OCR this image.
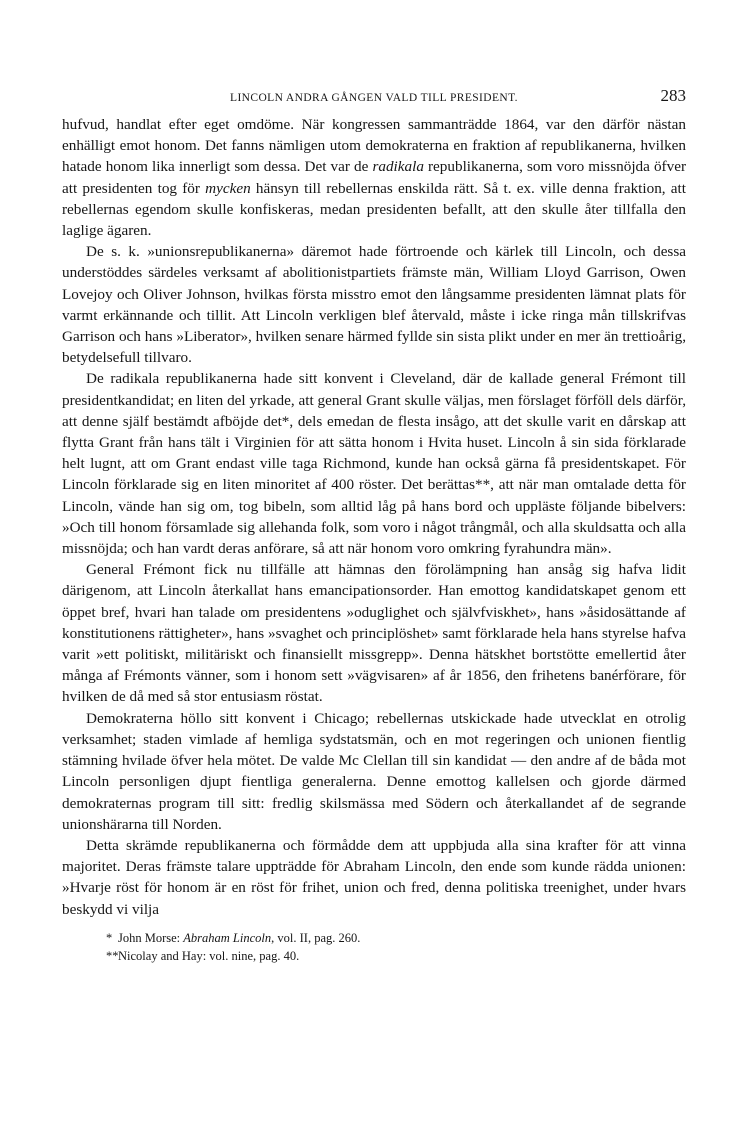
LINCOLN ANDRA GÅNGEN VALD TILL PRESIDENT.	283

hufvud, handlat efter eget omdöme. När kongressen sammanträdde 1864, var den därför nästan enhälligt emot honom. Det fanns nämligen utom demokraterna en fraktion af republikanerna, hvilken hatade honom lika innerligt som dessa. Det var de radikala republikanerna, som voro missnöjda öfver att presidenten tog för mycken hänsyn till rebellernas enskilda rätt. Så t. ex. ville denna fraktion, att rebellernas egendom skulle konfiskeras, medan presidenten befallt, att den skulle åter tillfalla den laglige ägaren.

De s. k. »unionsrepublikanerna» däremot hade förtroende och kärlek till Lincoln, och dessa understöddes särdeles verksamt af abolitionistpartiets främste män, William Lloyd Garrison, Owen Lovejoy och Oliver Johnson, hvilkas första misstro emot den långsamme presidenten lämnat plats för varmt erkännande och tillit. Att Lincoln verkligen blef återvald, måste i icke ringa mån tillskrifvas Garrison och hans »Liberator», hvilken senare härmed fyllde sin sista plikt under en mer än trettioårig, betydelsefull tillvaro.

De radikala republikanerna hade sitt konvent i Cleveland, där de kallade general Frémont till presidentkandidat; en liten del yrkade, att general Grant skulle väljas, men förslaget förföll dels därför, att denne själf bestämdt afböjde det*, dels emedan de flesta insågo, att det skulle varit en dårskap att flytta Grant från hans tält i Virginien för att sätta honom i Hvita huset. Lincoln å sin sida förklarade helt lugnt, att om Grant endast ville taga Richmond, kunde han också gärna få presidentskapet. För Lincoln förklarade sig en liten minoritet af 400 röster. Det berättas**, att när man omtalade detta för Lincoln, vände han sig om, tog bibeln, som alltid låg på hans bord och uppläste följande bibelvers: »Och till honom församlade sig allehanda folk, som voro i något trångmål, och alla skuldsatta och alla missnöjda; och han vardt deras anförare, så att när honom voro omkring fyrahundra män».

General Frémont fick nu tillfälle att hämnas den förolämpning han ansåg sig hafva lidit därigenom, att Lincoln återkallat hans emancipationsorder. Han emottog kandidatskapet genom ett öppet bref, hvari han talade om presidentens »oduglighet och självfviskhet», hans »åsidosättande af konstitutionens rättigheter», hans »svaghet och principlöshet» samt förklarade hela hans styrelse hafva varit »ett politiskt, militäriskt och finansiellt missgrepp». Denna hätskhet bortstötte emellertid åter många af Frémonts vänner, som i honom sett »vägvisaren» af år 1856, den frihetens banérförare, för hvilken de då med så stor entusiasm röstat.

Demokraterna höllo sitt konvent i Chicago; rebellernas utskickade hade utvecklat en otrolig verksamhet; staden vimlade af hemliga sydstatsmän, och en mot regeringen och unionen fientlig stämning hvilade öfver hela mötet. De valde Mc Clellan till sin kandidat — den andre af de båda mot Lincoln personligen djupt fientliga generalerna. Denne emottog kallelsen och gjorde därmed demokraternas program till sitt: fredlig skilsmässa med Södern och återkallandet af de segrande unionshärarna till Norden.

Detta skrämde republikanerna och förmådde dem att uppbjuda alla sina krafter för att vinna majoritet. Deras främste talare uppträdde för Abraham Lincoln, den ende som kunde rädda unionen: »Hvarje röst för honom är en röst för frihet, union och fred, denna politiska treenighet, under hvars beskydd vi vilja

* John Morse: Abraham Lincoln, vol. II, pag. 260.

**Nicolay and Hay: vol. nine, pag. 40.
